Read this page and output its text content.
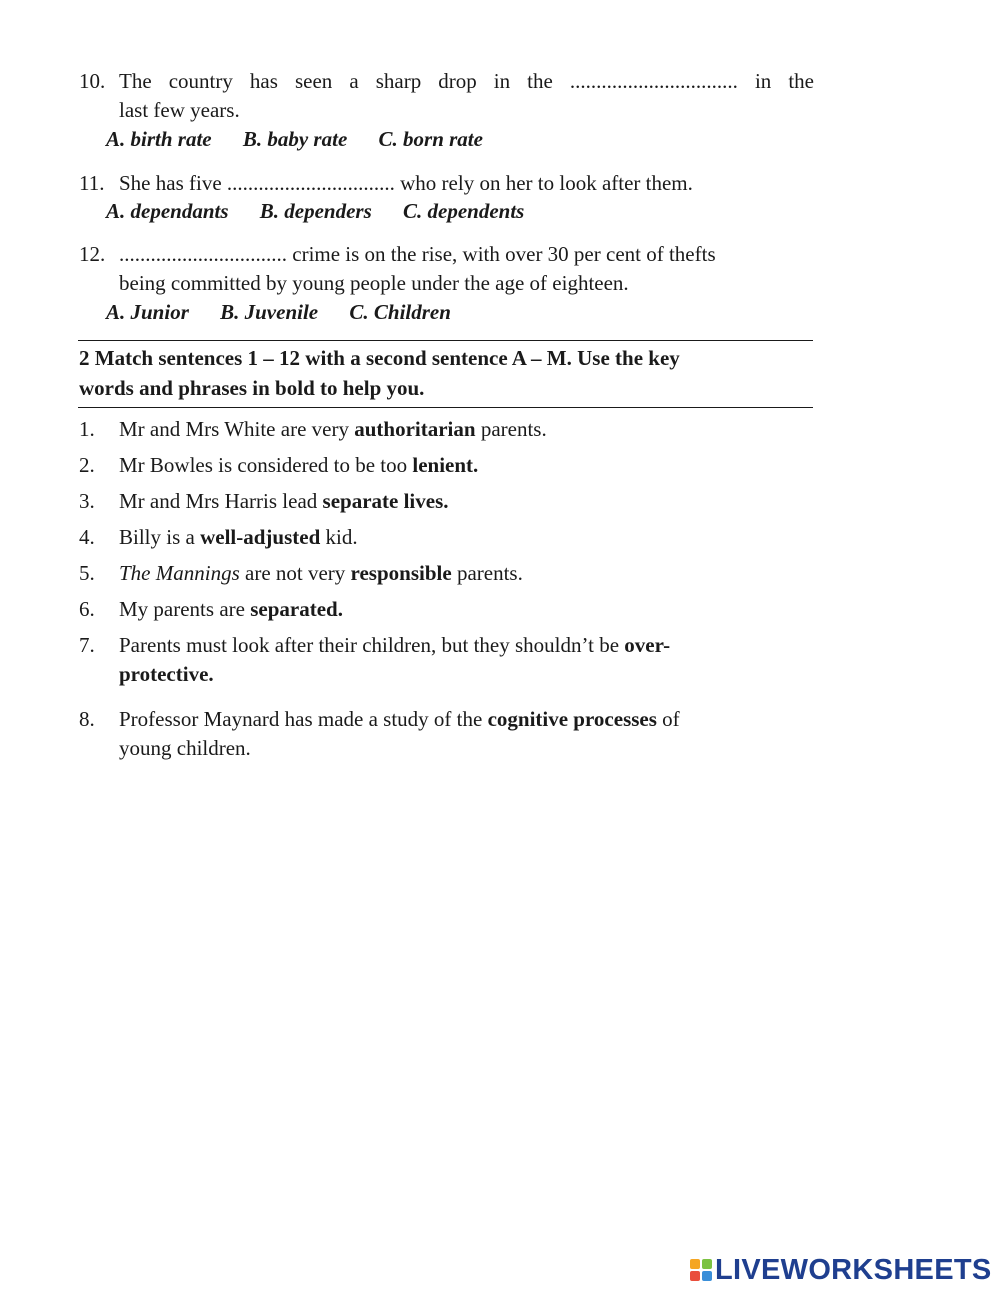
10. The country has seen a sharp drop in the ................................ in the
last few years.
A. birth rate B. baby rate C. born rate
11. She has five ................................ who rely on her to look after them.
A. dependants B. dependers C. dependents
12. ................................ crime is on the rise, with over 30 per cent of thefts
being committed by young people under the age of eighteen.
A. Junior B. Juvenile C. Children
2 Match sentences 1 – 12 with a second sentence A – M. Use the key
words and phrases in bold to help you.
1. Mr and Mrs White are very authoritarian parents.
2. Mr Bowles is considered to be too lenient.
3. Mr and Mrs Harris lead separate lives.
4. Billy is a well-adjusted kid.
5. The Mannings are not very responsible parents.
6. My parents are separated.
7. Parents must look after their children, but they shouldn’t be over-
protective.
8. Professor Maynard has made a study of the cognitive processes of
young children.
LIVEWORKSHEETS
